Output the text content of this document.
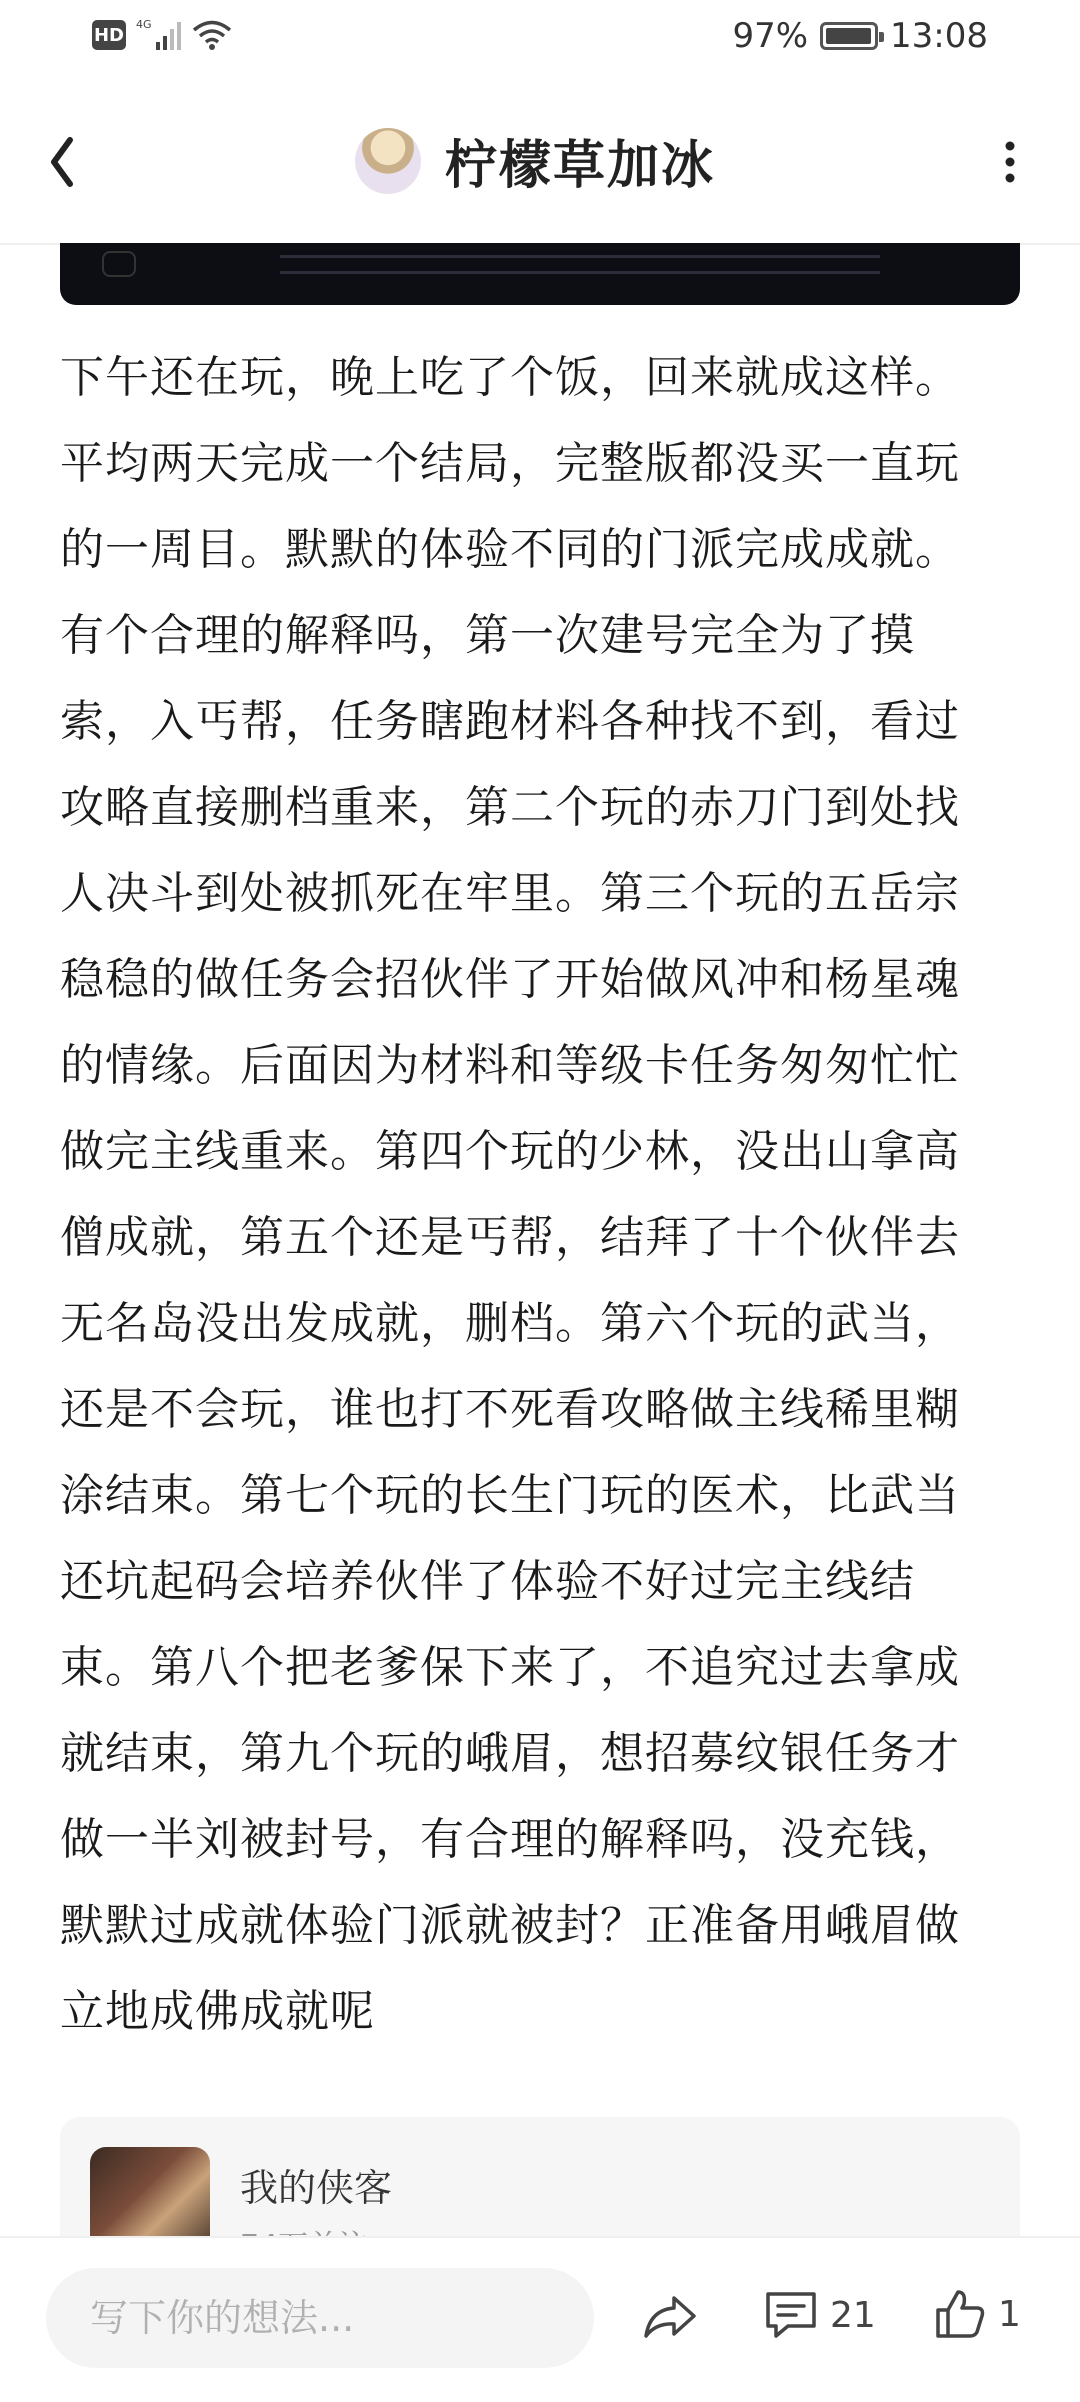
HD 4G	97% 13:08
柠檬草加冰
下午还在玩，晚上吃了个饭，回来就成这样。
平均两天完成一个结局，完整版都没买一直玩
的一周目。默默的体验不同的门派完成成就。
有个合理的解释吗，第一次建号完全为了摸
索，入丐帮，任务瞎跑材料各种找不到，看过
攻略直接删档重来，第二个玩的赤刀门到处找
人决斗到处被抓死在牢里。第三个玩的五岳宗
稳稳的做任务会招伙伴了开始做风冲和杨星魂
的情缘。后面因为材料和等级卡任务匆匆忙忙
做完主线重来。第四个玩的少林，没出山拿高
僧成就，第五个还是丐帮，结拜了十个伙伴去
无名岛没出发成就，删档。第六个玩的武当，
还是不会玩，谁也打不死看攻略做主线稀里糊
涂结束。第七个玩的长生门玩的医术，比武当
还坑起码会培养伙伴了体验不好过完主线结
束。第八个把老爹保下来了，不追究过去拿成
就结束，第九个玩的峨眉，想招募纹银任务才
做一半刘被封号，有合理的解释吗，没充钱，
默默过成就体验门派就被封？正准备用峨眉做
立地成佛成就呢
我的侠客
写下你的想法...
21	1
